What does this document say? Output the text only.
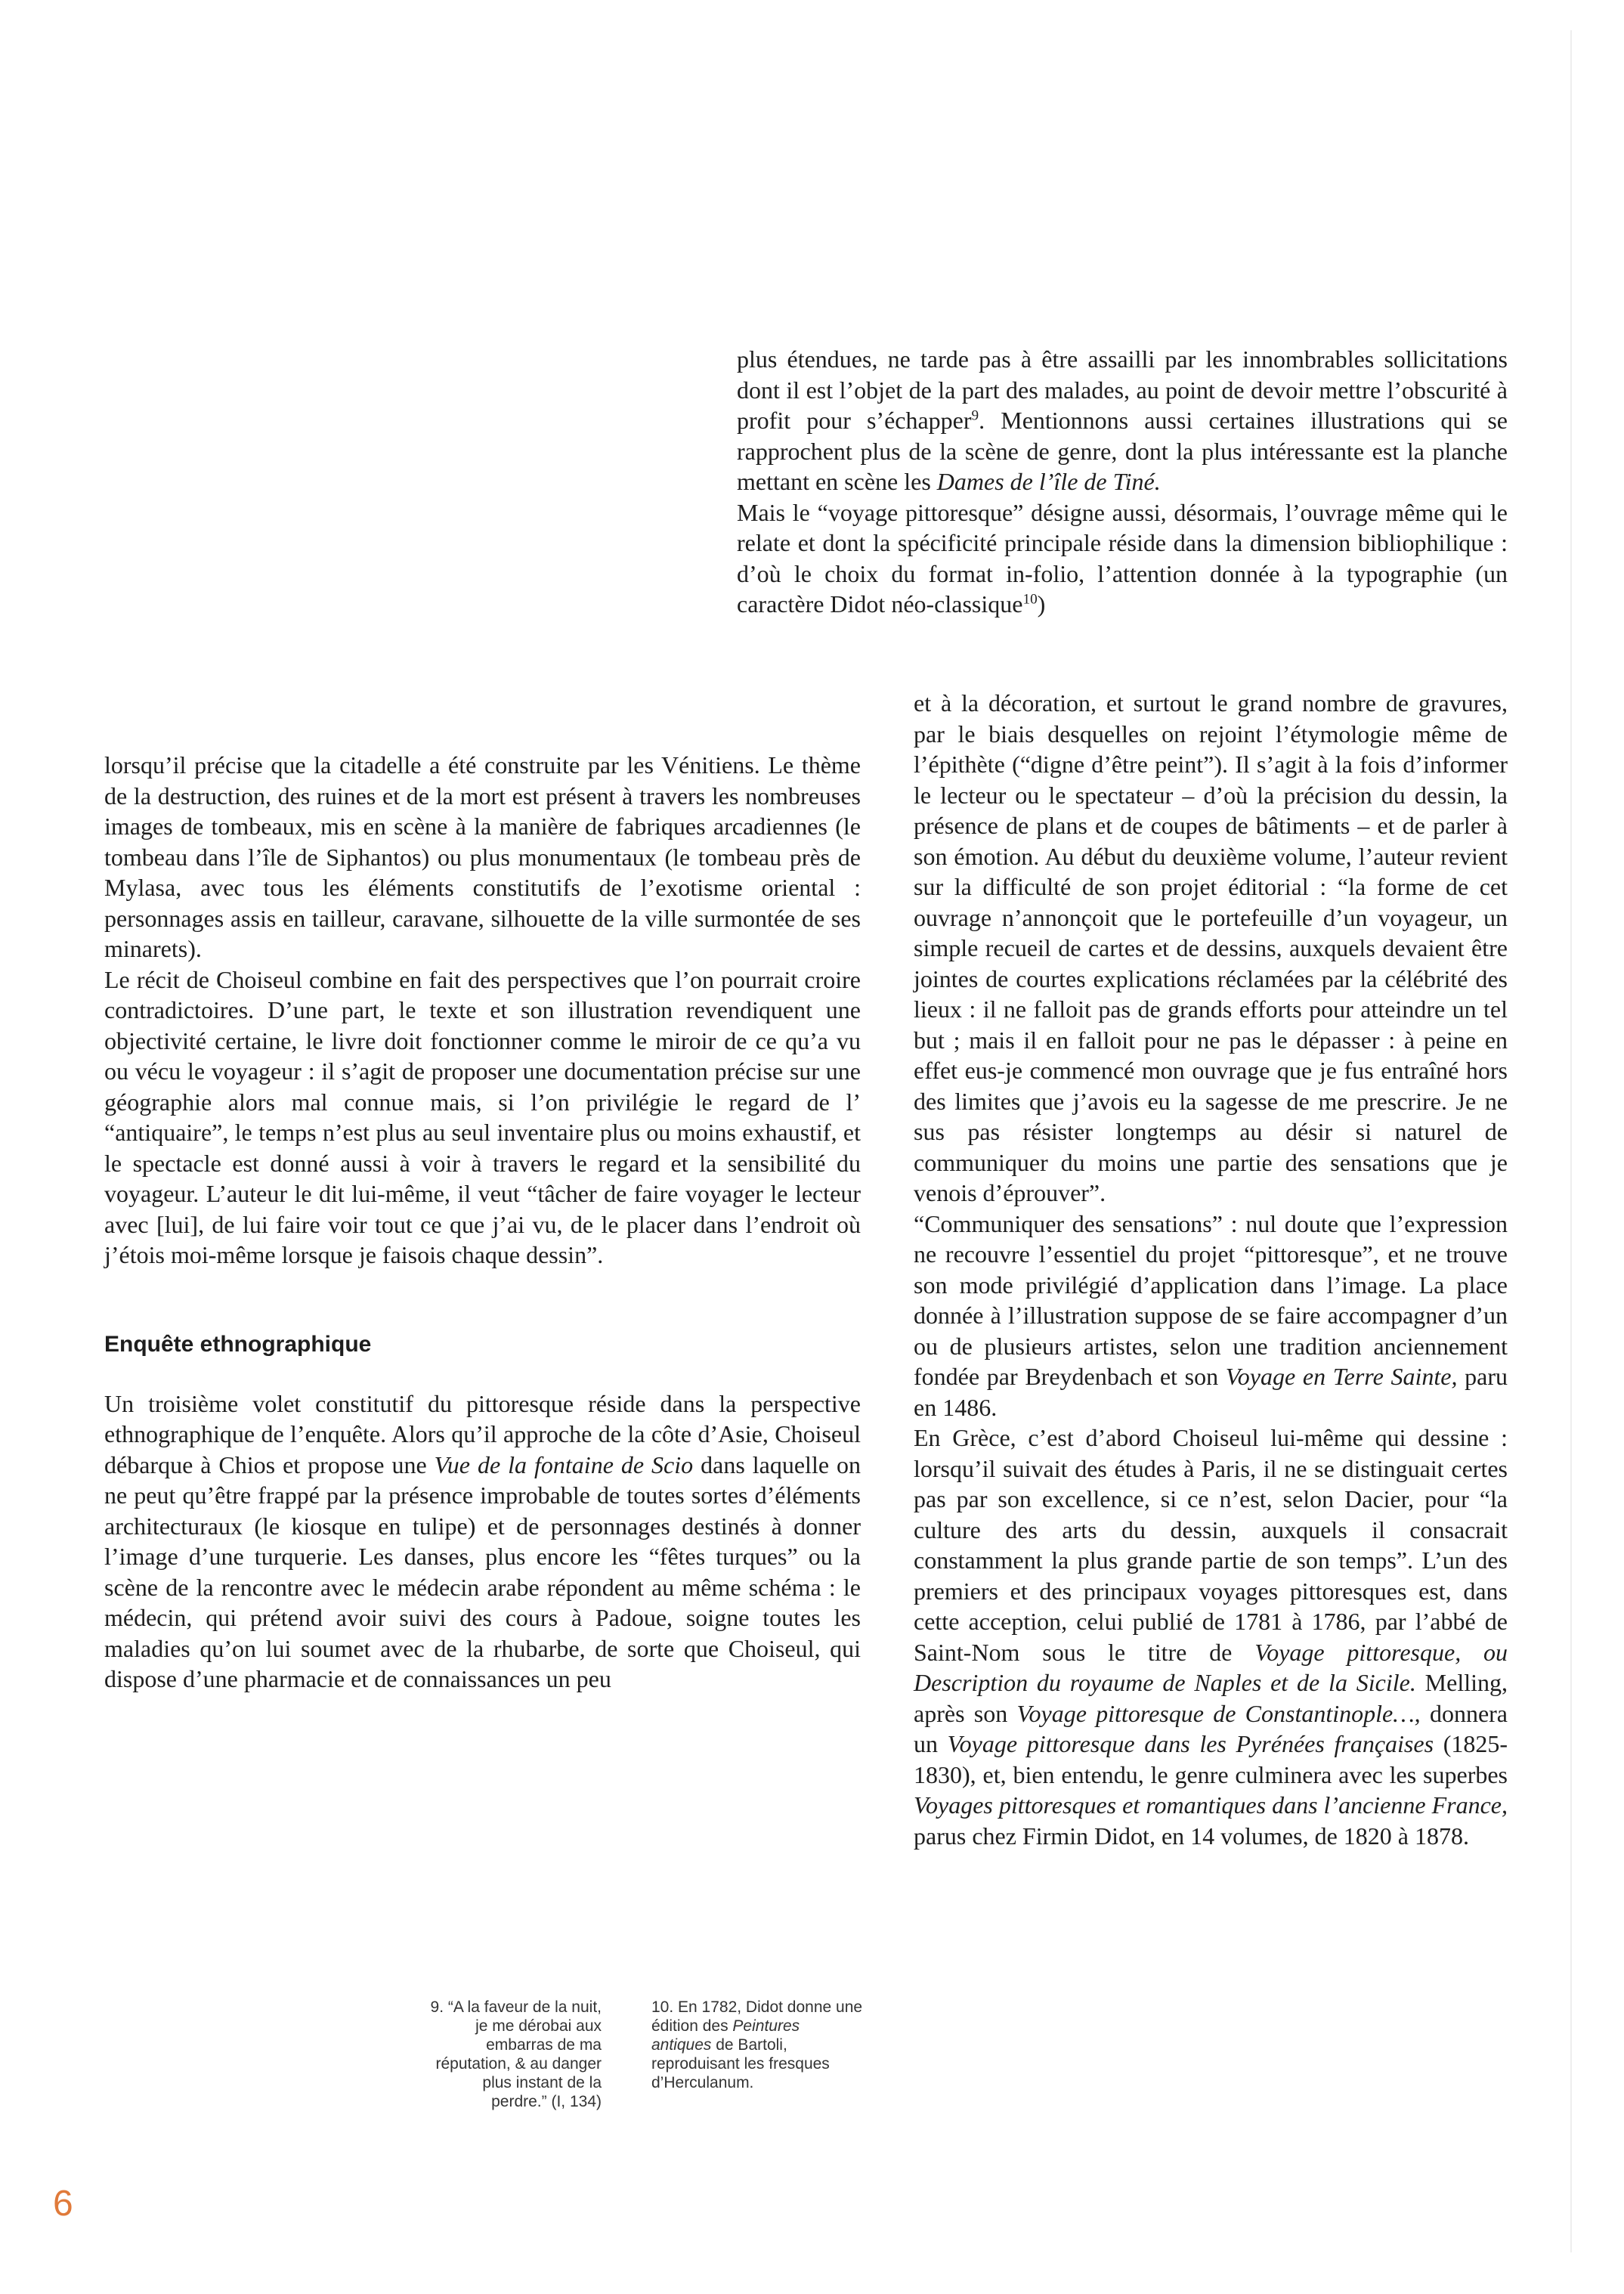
plus étendues, ne tarde pas à être assailli par les innombrables sollicitations dont il est l’objet de la part des malades, au point de devoir mettre l’obscurité à profit pour s’échapper$^9$. Mentionnons aussi certaines illustrations qui se rapprochent plus de la scène de genre, dont la plus intéressante est la planche mettant en scène les Dames de l’île de Tiné.

Mais le “voyage pittoresque” désigne aussi, désormais, l’ouvrage même qui le relate et dont la spécificité principale réside dans la dimension bibliophilique : d’où le choix du format in-folio, l’attention donnée à la typographie (un caractère Didot néo-classique$^{10}$)

lorsqu’il précise que la citadelle a été construite par les Vénitiens. Le thème de la destruction, des ruines et de la mort est présent à travers les nombreuses images de tombeaux, mis en scène à la manière de fabriques arcadiennes (le tombeau dans l’île de Siphantos) ou plus monumentaux (le tombeau près de Mylasa, avec tous les éléments constitutifs de l’exotisme oriental : personnages assis en tailleur, caravane, silhouette de la ville surmontée de ses minarets).

Le récit de Choiseul combine en fait des perspectives que l’on pourrait croire contradictoires. D’une part, le texte et son illustration revendiquent une objectivité certaine, le livre doit fonctionner comme le miroir de ce qu’a vu ou vécu le voyageur : il s’agit de proposer une documentation précise sur une géographie alors mal connue mais, si l’on privilégie le regard de l’ “antiquaire”, le temps n’est plus au seul inventaire plus ou moins exhaustif, et le spectacle est donné aussi à voir à travers le regard et la sensibilité du voyageur. L’auteur le dit lui-même, il veut “tâcher de faire voyager le lecteur avec [lui], de lui faire voir tout ce que j’ai vu, de le placer dans l’endroit où j’étois moi-même lorsque je faisois chaque dessin”.

Enquête ethnographique

Un troisième volet constitutif du pittoresque réside dans la perspective ethnographique de l’enquête. Alors qu’il approche de la côte d’Asie, Choiseul débarque à Chios et propose une Vue de la fontaine de Scio dans laquelle on ne peut qu’être frappé par la présence improbable de toutes sortes d’éléments architecturaux (le kiosque en tulipe) et de personnages destinés à donner l’image d’une turquerie. Les danses, plus encore les “fêtes turques” ou la scène de la rencontre avec le médecin arabe répondent au même schéma : le médecin, qui prétend avoir suivi des cours à Padoue, soigne toutes les maladies qu’on lui soumet avec de la rhubarbe, de sorte que Choiseul, qui dispose d’une pharmacie et de connaissances un peu

et à la décoration, et surtout le grand nombre de gravures, par le biais desquelles on rejoint l’étymologie même de l’épithète (“digne d’être peint”). Il s’agit à la fois d’informer le lecteur ou le spectateur – d’où la précision du dessin, la présence de plans et de coupes de bâtiments – et de parler à son émotion. Au début du deuxième volume, l’auteur revient sur la difficulté de son projet éditorial : “la forme de cet ouvrage n’annonçoit que le portefeuille d’un voyageur, un simple recueil de cartes et de dessins, auxquels devaient être jointes de courtes explications réclamées par la célébrité des lieux : il ne falloit pas de grands efforts pour atteindre un tel but ; mais il en falloit pour ne pas le dépasser : à peine en effet eus-je commencé mon ouvrage que je fus entraîné hors des limites que j’avois eu la sagesse de me prescrire. Je ne sus pas résister longtemps au désir si naturel de communiquer du moins une partie des sensations que je venois d’éprouver”.

“Communiquer des sensations” : nul doute que l’expression ne recouvre l’essentiel du projet “pittoresque”, et ne trouve son mode privilégié d’application dans l’image. La place donnée à l’illustration suppose de se faire accompagner d’un ou de plusieurs artistes, selon une tradition anciennement fondée par Breydenbach et son Voyage en Terre Sainte, paru en 1486.

En Grèce, c’est d’abord Choiseul lui-même qui dessine : lorsqu’il suivait des études à Paris, il ne se distinguait certes pas par son excellence, si ce n’est, selon Dacier, pour “la culture des arts du dessin, auxquels il consacrait constamment la plus grande partie de son temps”. L’un des premiers et des principaux voyages pittoresques est, dans cette acception, celui publié de 1781 à 1786, par l’abbé de Saint-Nom sous le titre de Voyage pittoresque, ou Description du royaume de Naples et de la Sicile. Melling, après son Voyage pittoresque de Constantinople…, donnera un Voyage pittoresque dans les Pyrénées françaises (1825-1830), et, bien entendu, le genre culminera avec les superbes Voyages pittoresques et romantiques dans l’ancienne France, parus chez Firmin Didot, en 14 volumes, de 1820 à 1878.

9. “A la faveur de la nuit, je me dérobai aux embarras de ma réputation, & au danger plus instant de la perdre.” (I, 134)
10. En 1782, Didot donne une édition des Peintures antiques de Bartoli, reproduisant les fresques d’Herculanum.
6
